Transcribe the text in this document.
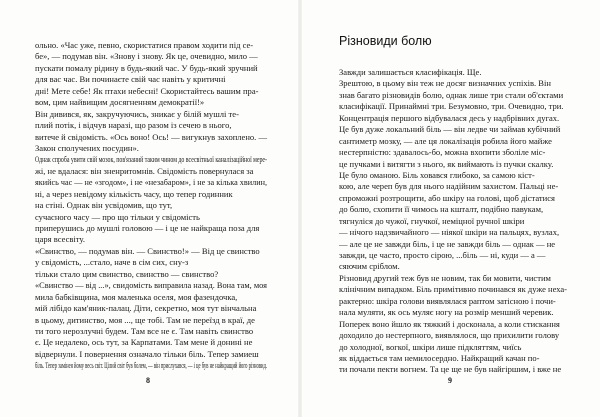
ольно. «Час уже, певно, скористатися правом ходити під се-
бе», — подумав він. «Знову і знову. Як це, очевидно, мило —
пускати помалу рідину в будь-який час. У будь-який зручний
для вас час. Ви починаєте свій час навіть у критичні
дні! Мете себе! Як птахи небесні! Скористайтесь вашим пра-
вом, цим найвищим досягненням демократії!»
Він дивився, як, закручуючись, зникає у білій мушлі те-
плий потік, і відчув наразі, що разом із сечею в нього,
витече й свідомість. «Ось воно! Ось! — вигукнув захоплено. —
Закон сполучених посудин».
Однак спроба увити свій мозок, пов'язаний таким чином до всесвітньої каналізаційної мере-
жі, не вдалася: він зненритомнів. Свідомість повернулася за
якийсь час — не «згодом», і не «незабаром», і не за кілька хвилин,
ні, а через невідому кількість часу, що тепер годинник
на стіні. Однак він усвідомив, що тут,
сучасного часу — про що тільки у свідомість
приперушись до мушлі головою — і це не найкраща поза для
царя всесвіту.
«Свинство, — подумав він. — Свинство!» — Від це свинство
у свідомість, ...стало, наче в сім сих, сну-з
тільки стало цим свинство, свинство — свинство?
«Свинство — від ...», свидомість виправила назад. Вона там, моя
мила бабківщина, моя маленька оселя, моя фазендочка,
мій лібідо кам'яник-палац. Діти, секретно, моя тут вінчальна
в цьому, дитинство, моя ..., ще тобі. Там не переїзд в краї, де
ти того нерозлучні будем. Там все не є. Там навіть свинство
є. Це недалеко, ось тут, за Карпатами. Там мене й донині не
відвернули. І повернення означало тільки біль. Тепер замиеш
біль. Тепер замінея йому весь світ. Цілий світ був болем, — він прислухався, — і це був не найкращий його різновид.

8

Різновиди болю
Завжди залишається класифікація. Ще.
Зрештою, в цьому він теж не досяг визначних успіхів. Він
знав багато різновидів болю, однак лише три стали об'єктами
класифікації. Принаймні три. Безумовно, три. Очевидно, три.
Концентрація першого відбувалася десь у надбрівних дугах.
Це був дуже локальний біль — він ледве чи займав кубічний
сантиметр мозку, — але ця локалізація робила його майже
нестерпністю: здавалось-бо, можна вхопити зболіле міс-
це пучками і витягти з нього, як виймають із пучки скалку.
Це було оманою. Біль ховався глибоко, за самою кіст-
кою, але череп був для нього надійним захистом. Пальці не-
спроможні розтрощити, або шкіру на голові, щоб дістатися
до болю, схопити її чимось на кшталт, подібно павукам,
тягнуліся до чужої, гнучкої, неміцної ручної шкіри
— нічого надзвичайного — ніякої шкіри на пальцях, вузлах,
— але це не завжди біль, і це не завжди біль — однак — не
завжди, це часто, просто сірою, ...біль — ні, куди — а —
сяючим сріблом.
Різновид другий теж був не новим, так би мовити, чистим
клінічним випадком. Біль примітивно починався як дуже неха-
рактерно: шкіра голови виявлялася раптом затісною і почи-
нала муляти, як ось муляє ногу на розмір менший черевик.
Поперек воно йшло як тяжкий і досконала, а коли стискання
доходило до нестерпного, виявлялося, що прихилити голову
до холодної, вогкої, шкіри лише підкляттям, чиїсь
як віддається там немилосердно. Найкращий качан по-
ти почали пекти вогнем. Та це ще не був найгіршим, і вже не

9
